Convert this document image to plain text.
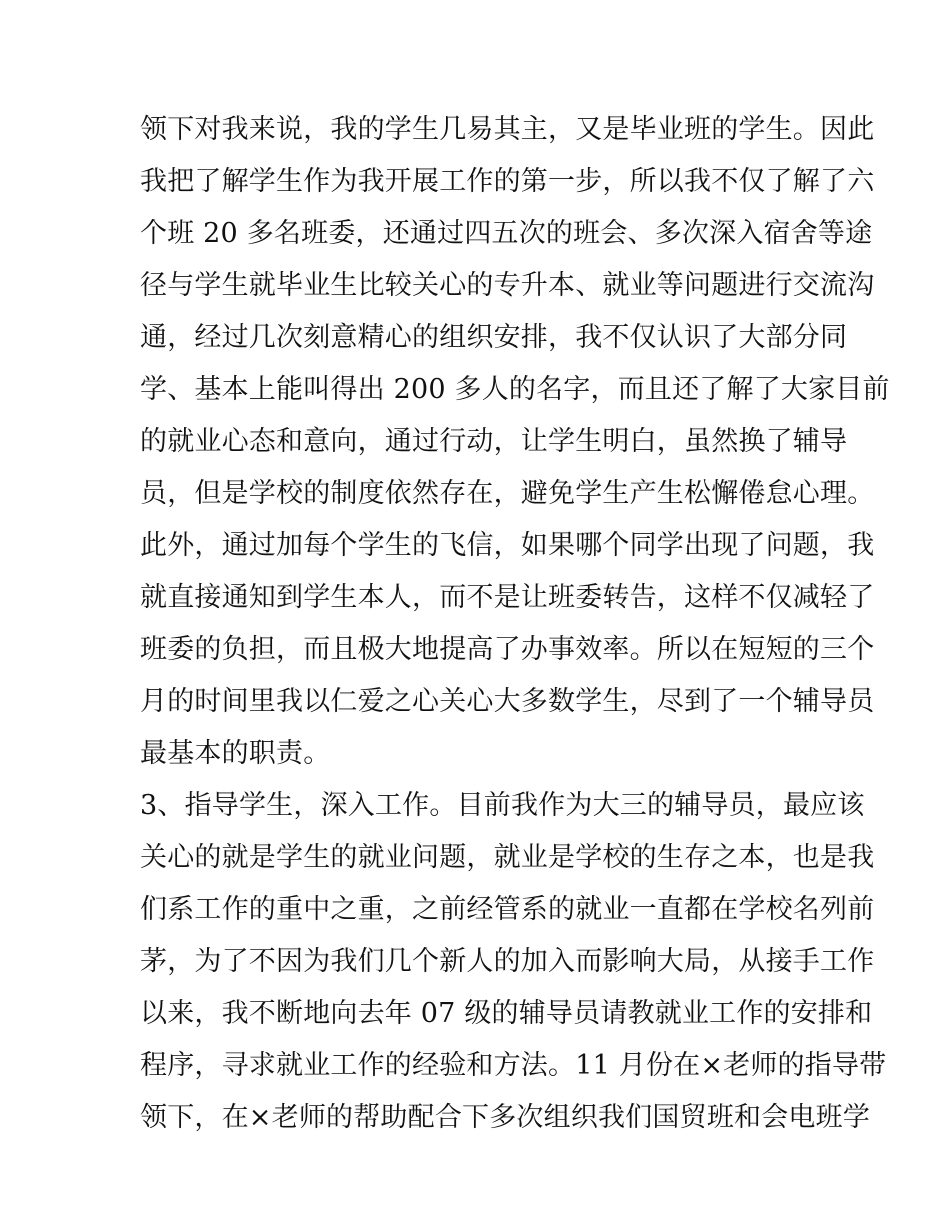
领下对我来说，我的学生几易其主，又是毕业班的学生。因此
我把了解学生作为我开展工作的第一步，所以我不仅了解了六
个班 20 多名班委，还通过四五次的班会、多次深入宿舍等途
径与学生就毕业生比较关心的专升本、就业等问题进行交流沟
通，经过几次刻意精心的组织安排，我不仅认识了大部分同
学、基本上能叫得出 200 多人的名字，而且还了解了大家目前
的就业心态和意向，通过行动，让学生明白，虽然换了辅导
员，但是学校的制度依然存在，避免学生产生松懈倦怠心理。
此外，通过加每个学生的飞信，如果哪个同学出现了问题，我
就直接通知到学生本人，而不是让班委转告，这样不仅减轻了
班委的负担，而且极大地提高了办事效率。所以在短短的三个
月的时间里我以仁爱之心关心大多数学生，尽到了一个辅导员
最基本的职责。
3、指导学生，深入工作。目前我作为大三的辅导员，最应该
关心的就是学生的就业问题，就业是学校的生存之本，也是我
们系工作的重中之重，之前经管系的就业一直都在学校名列前
茅，为了不因为我们几个新人的加入而影响大局，从接手工作
以来，我不断地向去年 07 级的辅导员请教就业工作的安排和
程序，寻求就业工作的经验和方法。11 月份在×老师的指导带
领下，在×老师的帮助配合下多次组织我们国贸班和会电班学
